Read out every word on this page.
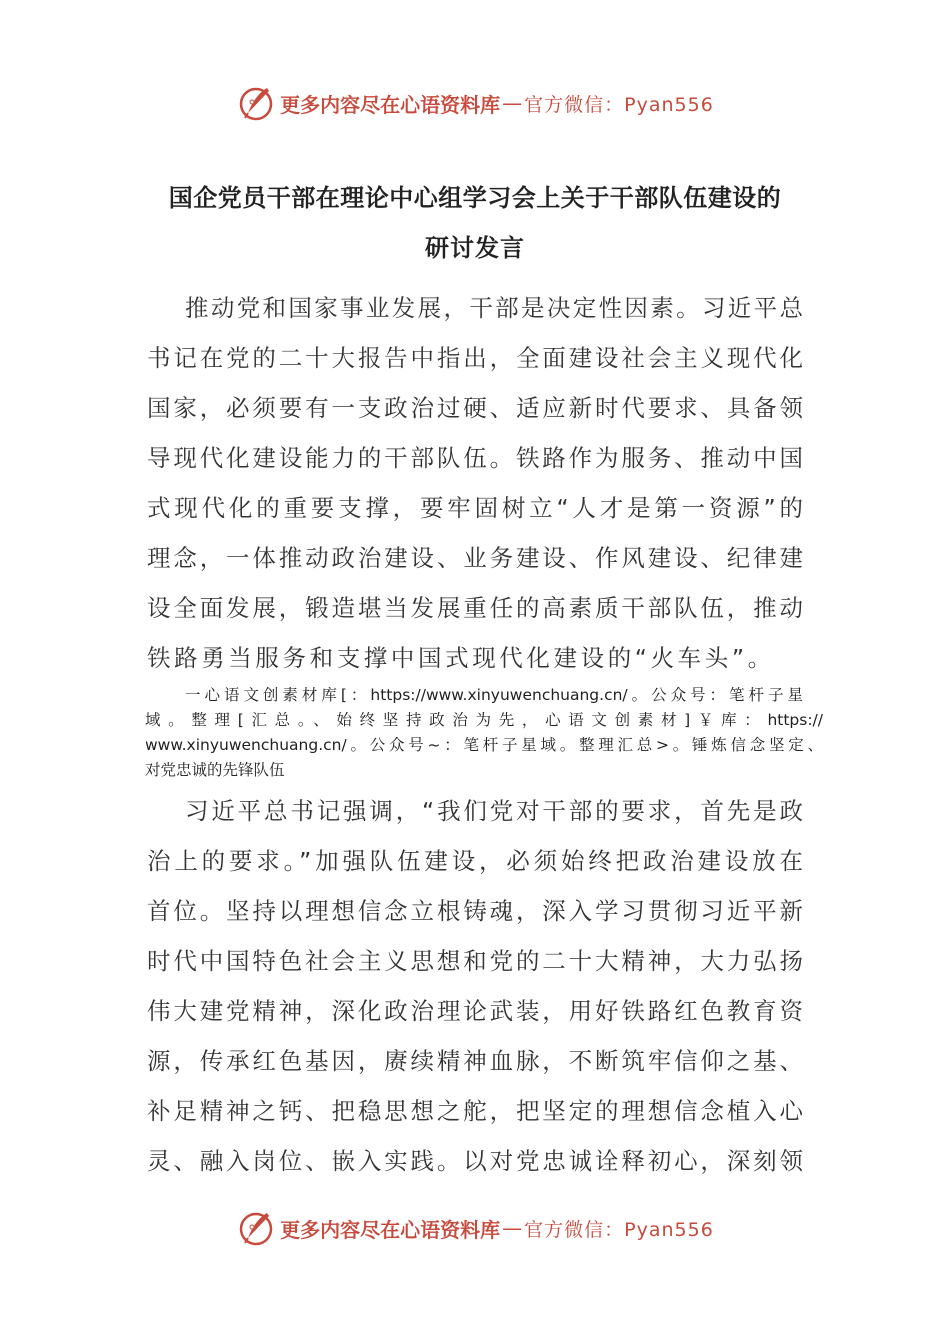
更多内容尽在心语资料库 — 官方微信：Pyan556
国企党员干部在理论中心组学习会上关于干部队伍建设的
研讨发言
推动党和国家事业发展，干部是决定性因素。习近平总
书记在党的二十大报告中指出，全面建设社会主义现代化
国家，必须要有一支政治过硬、适应新时代要求、具备领
导现代化建设能力的干部队伍。铁路作为服务、推动中国
式现代化的重要支撑，要牢固树立“人才是第一资源”的
理念，一体推动政治建设、业务建设、作风建设、纪律建
设全面发展，锻造堪当发展重任的高素质干部队伍，推动
铁路勇当服务和支撑中国式现代化建设的“火车头”。
一心语文创素材库[：https://www.xinyuwenchuang.cn/。公众号：笔杆子星
域。整理[汇总。、始终坚持政治为先，心语文创素材]￥库：https://
www.xinyuwenchuang.cn/。公众号~：笔杆子星域。整理汇总>。锤炼信念坚定、
对党忠诚的先锋队伍
习近平总书记强调，“我们党对干部的要求，首先是政
治上的要求。”加强队伍建设，必须始终把政治建设放在
首位。坚持以理想信念立根铸魂，深入学习贯彻习近平新
时代中国特色社会主义思想和党的二十大精神，大力弘扬
伟大建党精神，深化政治理论武装，用好铁路红色教育资
源，传承红色基因，赓续精神血脉，不断筑牢信仰之基、
补足精神之钙、把稳思想之舵，把坚定的理想信念植入心
灵、融入岗位、嵌入实践。以对党忠诚诠释初心，深刻领
更多内容尽在心语资料库 — 官方微信：Pyan556
